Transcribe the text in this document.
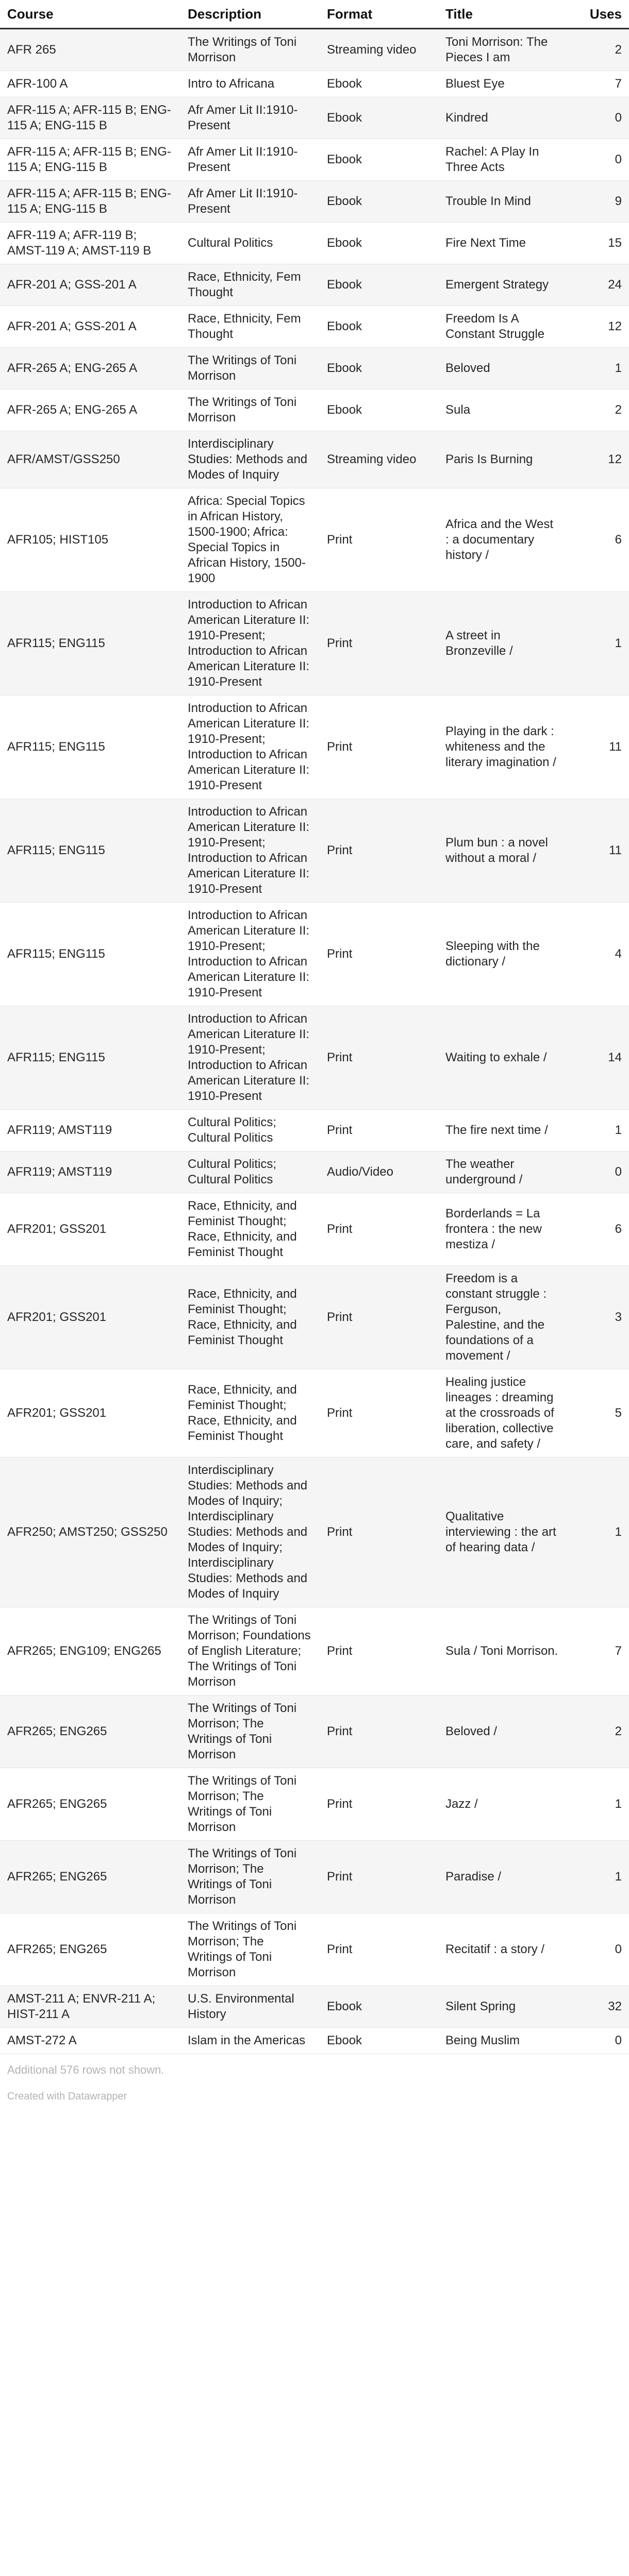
Course	Description	Format	Title	Uses
AFR 265	The Writings of Toni Morrison	Streaming video	Toni Morrison: The Pieces I am	2
AFR-100 A	Intro to Africana	Ebook	Bluest Eye	7
AFR-115 A; AFR-115 B; ENG-115 A; ENG-115 B	Afr Amer Lit II:1910-Present	Ebook	Kindred	0
AFR-115 A; AFR-115 B; ENG-115 A; ENG-115 B	Afr Amer Lit II:1910-Present	Ebook	Rachel: A Play In Three Acts	0
AFR-115 A; AFR-115 B; ENG-115 A; ENG-115 B	Afr Amer Lit II:1910-Present	Ebook	Trouble In Mind	9
AFR-119 A; AFR-119 B; AMST-119 A; AMST-119 B	Cultural Politics	Ebook	Fire Next Time	15
AFR-201 A; GSS-201 A	Race, Ethnicity, Fem Thought	Ebook	Emergent Strategy	24
AFR-201 A; GSS-201 A	Race, Ethnicity, Fem Thought	Ebook	Freedom Is A Constant Struggle	12
AFR-265 A; ENG-265 A	The Writings of Toni Morrison	Ebook	Beloved	1
AFR-265 A; ENG-265 A	The Writings of Toni Morrison	Ebook	Sula	2
AFR/AMST/GSS250	Interdisciplinary Studies: Methods and Modes of Inquiry	Streaming video	Paris Is Burning	12
AFR105; HIST105	Africa: Special Topics in African History, 1500-1900; Africa: Special Topics in African History, 1500-1900	Print	Africa and the West : a documentary history /	6
AFR115; ENG115	Introduction to African American Literature II: 1910-Present; Introduction to African American Literature II: 1910-Present	Print	A street in Bronzeville /	1
AFR115; ENG115	Introduction to African American Literature II: 1910-Present; Introduction to African American Literature II: 1910-Present	Print	Playing in the dark : whiteness and the literary imagination /	11
AFR115; ENG115	Introduction to African American Literature II: 1910-Present; Introduction to African American Literature II: 1910-Present	Print	Plum bun : a novel without a moral /	11
AFR115; ENG115	Introduction to African American Literature II: 1910-Present; Introduction to African American Literature II: 1910-Present	Print	Sleeping with the dictionary /	4
AFR115; ENG115	Introduction to African American Literature II: 1910-Present; Introduction to African American Literature II: 1910-Present	Print	Waiting to exhale /	14
AFR119; AMST119	Cultural Politics; Cultural Politics	Print	The fire next time /	1
AFR119; AMST119	Cultural Politics; Cultural Politics	Audio/Video	The weather underground /	0
AFR201; GSS201	Race, Ethnicity, and Feminist Thought; Race, Ethnicity, and Feminist Thought	Print	Borderlands = La frontera : the new mestiza /	6
AFR201; GSS201	Race, Ethnicity, and Feminist Thought; Race, Ethnicity, and Feminist Thought	Print	Freedom is a constant struggle : Ferguson, Palestine, and the foundations of a movement /	3
AFR201; GSS201	Race, Ethnicity, and Feminist Thought; Race, Ethnicity, and Feminist Thought	Print	Healing justice lineages : dreaming at the crossroads of liberation, collective care, and safety /	5
AFR250; AMST250; GSS250	Interdisciplinary Studies: Methods and Modes of Inquiry; Interdisciplinary Studies: Methods and Modes of Inquiry; Interdisciplinary Studies: Methods and Modes of Inquiry	Print	Qualitative interviewing : the art of hearing data /	1
AFR265; ENG109; ENG265	The Writings of Toni Morrison; Foundations of English Literature; The Writings of Toni Morrison	Print	Sula / Toni Morrison.	7
AFR265; ENG265	The Writings of Toni Morrison; The Writings of Toni Morrison	Print	Beloved /	2
AFR265; ENG265	The Writings of Toni Morrison; The Writings of Toni Morrison	Print	Jazz /	1
AFR265; ENG265	The Writings of Toni Morrison; The Writings of Toni Morrison	Print	Paradise /	1
AFR265; ENG265	The Writings of Toni Morrison; The Writings of Toni Morrison	Print	Recitatif : a story /	0
AMST-211 A; ENVR-211 A; HIST-211 A	U.S. Environmental History	Ebook	Silent Spring	32
AMST-272 A	Islam in the Americas	Ebook	Being Muslim	0
Additional 576 rows not shown.
Created with Datawrapper
